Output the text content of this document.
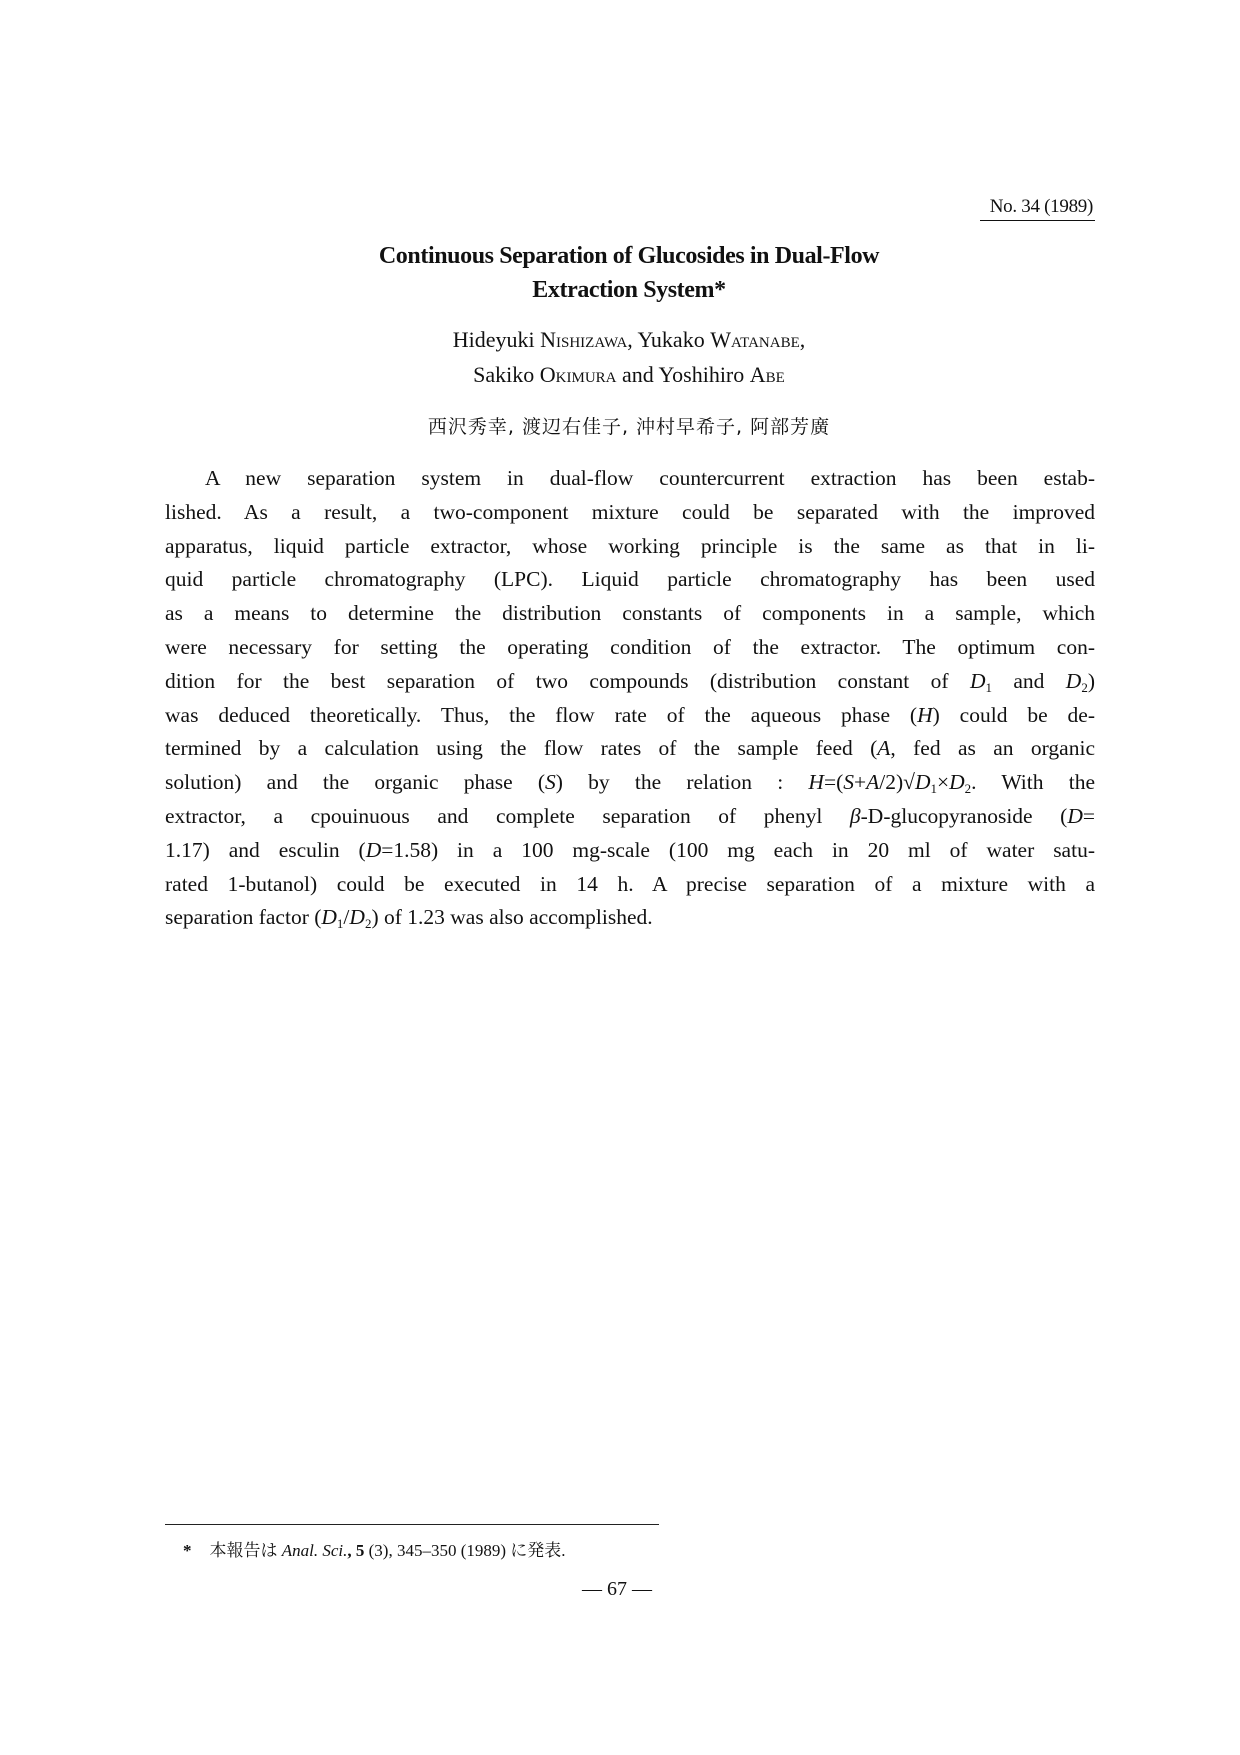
No. 34 (1989)
Continuous Separation of Glucosides in Dual-Flow
Extraction System*
Hideyuki Nishizawa, Yukako Watanabe,
Sakiko Okimura and Yoshihiro Abe
西沢秀幸, 渡辺右佳子, 沖村早希子, 阿部芳廣
A new separation system in dual-flow countercurrent extraction has been estab-
lished. As a result, a two-component mixture could be separated with the improved
apparatus, liquid particle extractor, whose working principle is the same as that in li-
quid particle chromatography (LPC). Liquid particle chromatography has been used
as a means to determine the distribution constants of components in a sample, which
were necessary for setting the operating condition of the extractor. The optimum con-
dition for the best separation of two compounds (distribution constant of $D_1$ and $D_2$)
was deduced theoretically. Thus, the flow rate of the aqueous phase (H) could be de-
termined by a calculation using the flow rates of the sample feed (A, fed as an organic
solution) and the organic phase (S) by the relation : $H=(S+A/2)√D_1\times D_2$. With the
extractor, a cpouinuous and complete separation of phenyl β-D-glucopyranoside (D=
1.17) and esculin (D=1.58) in a 100 mg-scale (100 mg each in 20 ml of water satu-
rated 1-butanol) could be executed in 14 h. A precise separation of a mixture with a
separation factor $(D_1/D_2)$ of 1.23 was also accomplished.
* 本報告は Anal. Sci., 5 (3), 345–350 (1989) に発表.
— 67 —
